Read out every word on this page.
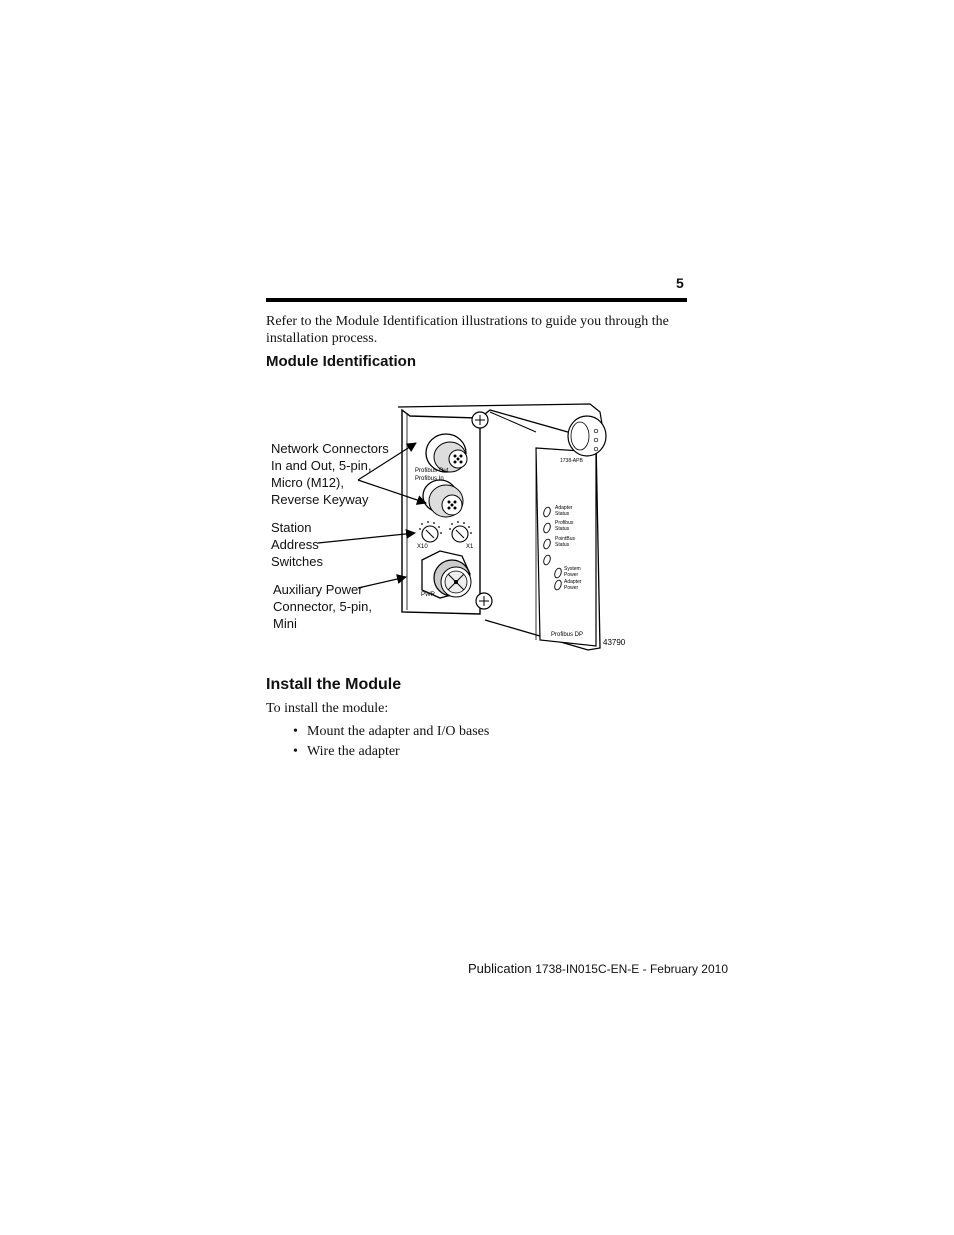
5
Refer to the Module Identification illustrations to guide you through the installation process.
Module Identification
Network Connectors
In and Out, 5-pin,
Micro (M12),
Reverse Keyway
Station
Address
Switches
Auxiliary Power
Connector, 5-pin,
Mini
Profibus Out
Profibus In
X10	X1
PWR
1738-APB
Adapter
Status
Profibus
Status
PointBus
Status
System
Power
Adapter
Power
Profibus DP
43790
Install the Module
To install the module:
• Mount the adapter and I/O bases
• Wire the adapter
Publication 1738-IN015C-EN-E - February 2010
